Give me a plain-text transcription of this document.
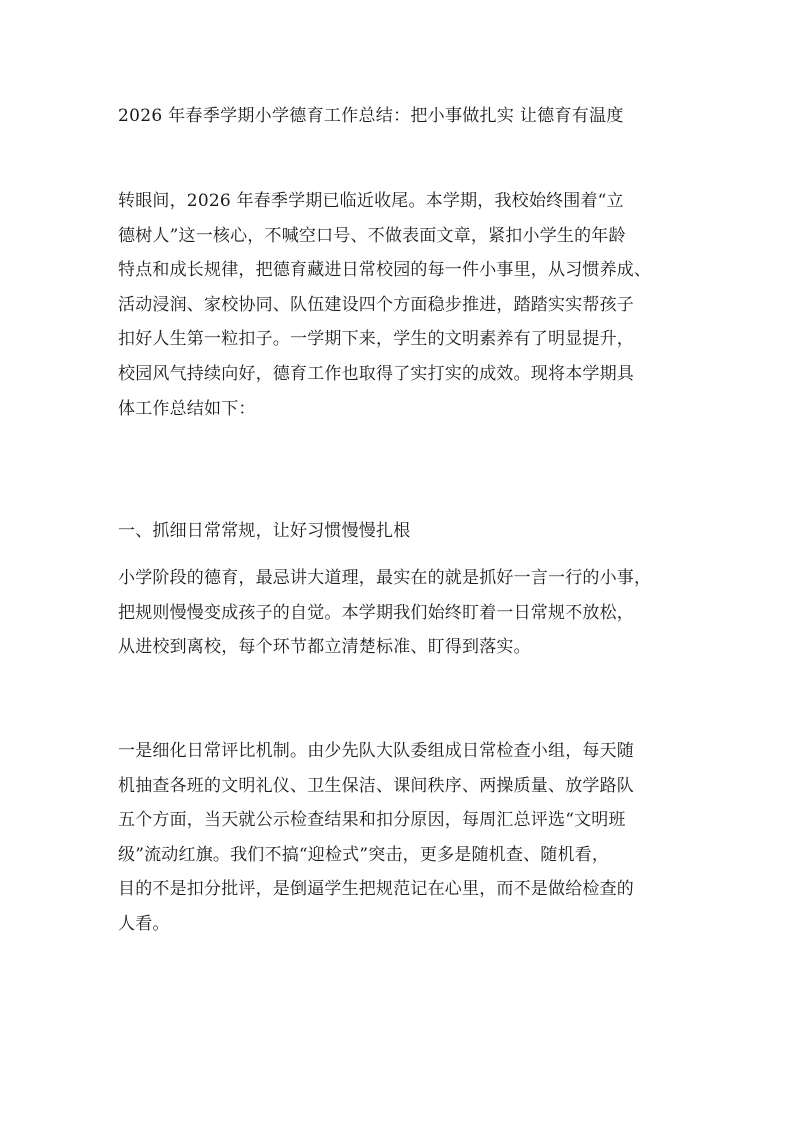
2026 年春季学期小学德育工作总结：把小事做扎实 让德育有温度
转眼间，2026 年春季学期已临近收尾。本学期，我校始终围着“立
德树人”这一核心，不喊空口号、不做表面文章，紧扣小学生的年龄
特点和成长规律，把德育藏进日常校园的每一件小事里，从习惯养成、
活动浸润、家校协同、队伍建设四个方面稳步推进，踏踏实实帮孩子
扣好人生第一粒扣子。一学期下来，学生的文明素养有了明显提升，
校园风气持续向好，德育工作也取得了实打实的成效。现将本学期具
体工作总结如下：
一、抓细日常常规，让好习惯慢慢扎根
小学阶段的德育，最忌讲大道理，最实在的就是抓好一言一行的小事，
把规则慢慢变成孩子的自觉。本学期我们始终盯着一日常规不放松，
从进校到离校，每个环节都立清楚标准、盯得到落实。
一是细化日常评比机制。由少先队大队委组成日常检查小组，每天随
机抽查各班的文明礼仪、卫生保洁、课间秩序、两操质量、放学路队
五个方面，当天就公示检查结果和扣分原因，每周汇总评选“文明班
级”流动红旗。我们不搞“迎检式”突击，更多是随机查、随机看，
目的不是扣分批评，是倒逼学生把规范记在心里，而不是做给检查的
人看。
